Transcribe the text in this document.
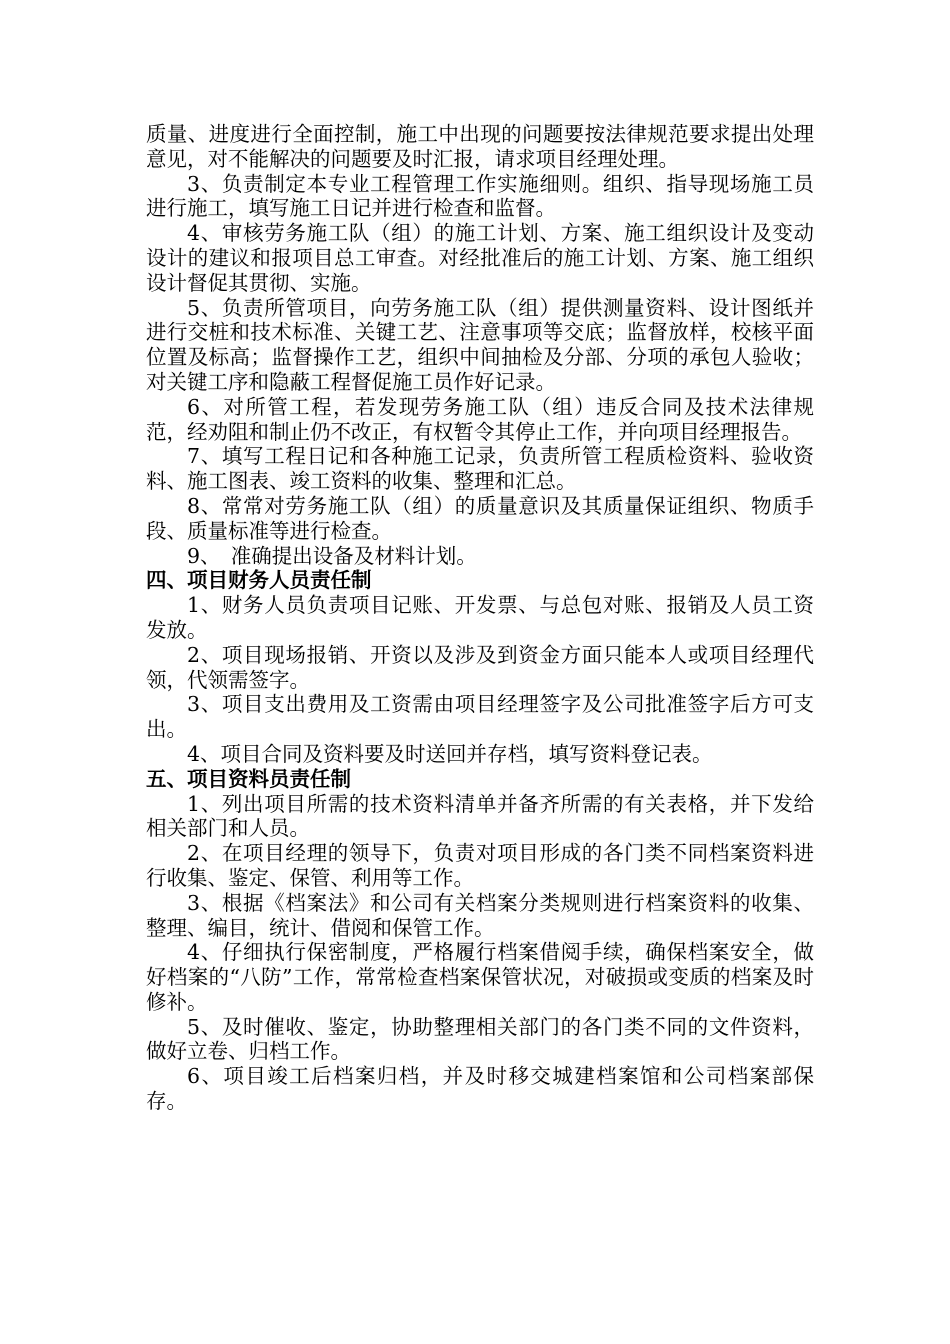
质量、进度进行全面控制，施工中出现的问题要按法律规范要求提出处理意见，对不能解决的问题要及时汇报，请求项目经理处理。

3、负责制定本专业工程管理工作实施细则。组织、指导现场施工员进行施工，填写施工日记并进行检查和监督。

4、审核劳务施工队（组）的施工计划、方案、施工组织设计及变动设计的建议和报项目总工审查。对经批准后的施工计划、方案、施工组织设计督促其贯彻、实施。

5、负责所管项目，向劳务施工队（组）提供测量资料、设计图纸并进行交桩和技术标准、关键工艺、注意事项等交底；监督放样，校核平面位置及标高；监督操作工艺，组织中间抽检及分部、分项的承包人验收；对关键工序和隐蔽工程督促施工员作好记录。

6、对所管工程，若发现劳务施工队（组）违反合同及技术法律规范，经劝阻和制止仍不改正，有权暂令其停止工作，并向项目经理报告。

7、填写工程日记和各种施工记录，负责所管工程质检资料、验收资料、施工图表、竣工资料的收集、整理和汇总。

8、常常对劳务施工队（组）的质量意识及其质量保证组织、物质手段、质量标准等进行检查。

9、　准确提出设备及材料计划。

四、项目财务人员责任制

1、财务人员负责项目记账、开发票、与总包对账、报销及人员工资发放。

2、项目现场报销、开资以及涉及到资金方面只能本人或项目经理代领，代领需签字。

3、项目支出费用及工资需由项目经理签字及公司批准签字后方可支出。

4、项目合同及资料要及时送回并存档，填写资料登记表。

五、项目资料员责任制

1、列出项目所需的技术资料清单并备齐所需的有关表格，并下发给相关部门和人员。

2、在项目经理的领导下，负责对项目形成的各门类不同档案资料进行收集、鉴定、保管、利用等工作。

3、根据《档案法》和公司有关档案分类规则进行档案资料的收集、整理、编目，统计、借阅和保管工作。

4、仔细执行保密制度，严格履行档案借阅手续，确保档案安全，做好档案的“八防”工作，常常检查档案保管状况，对破损或变质的档案及时修补。

5、及时催收、鉴定，协助整理相关部门的各门类不同的文件资料，做好立卷、归档工作。

6、项目竣工后档案归档，并及时移交城建档案馆和公司档案部保存。
